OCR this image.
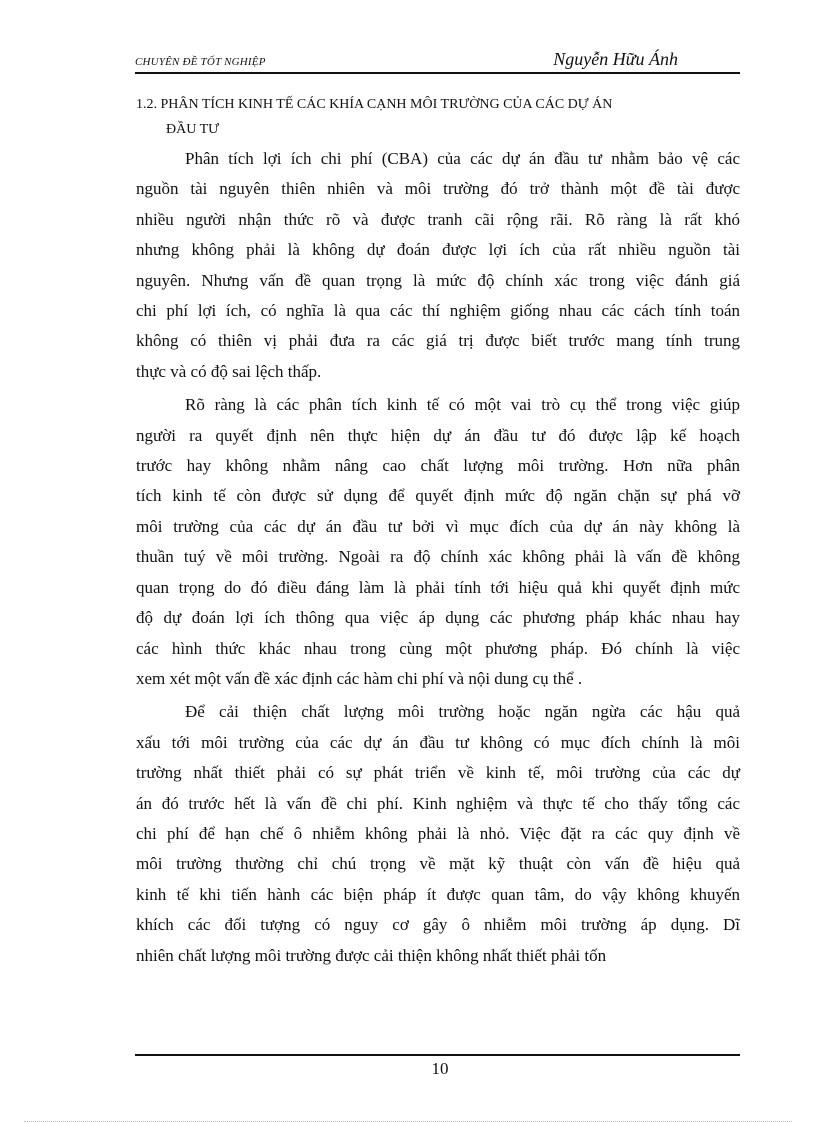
CHUYÊN ĐỀ TỐT NGHIỆP	Nguyễn Hữu Ánh
1.2. PHÂN TÍCH KINH TẾ CÁC KHÍA CẠNH MÔI TRƯỜNG CỦA CÁC DỰ ÁN
ĐẦU TƯ

Phân tích lợi ích chi phí (CBA) của các dự án đầu tư nhằm bảo vệ các
nguồn tài nguyên thiên nhiên và môi trường đó trở thành một đề tài được
nhiều người nhận thức rõ và được tranh cãi rộng rãi. Rõ ràng là rất khó
nhưng không phải là không dự đoán được lợi ích của rất nhiều nguồn tài
nguyên. Nhưng vấn đề quan trọng là mức độ chính xác trong việc đánh giá
chi phí lợi ích, có nghĩa là qua các thí nghiệm giống nhau các cách tính toán
không có thiên vị phải đưa ra các giá trị được biết trước mang tính trung
thực và có độ sai lệch thấp.

Rõ ràng là các phân tích kinh tế có một vai trò cụ thể trong việc giúp
người ra quyết định nên thực hiện dự án đầu tư đó được lập kế hoạch
trước hay không nhằm nâng cao chất lượng môi trường. Hơn nữa phân
tích kinh tế còn được sử dụng để quyết định mức độ ngăn chặn sự phá vỡ
môi trường của các dự án đầu tư bởi vì mục đích của dự án này không là
thuần tuý về môi trường. Ngoài ra độ chính xác không phải là vấn đề không
quan trọng do đó điều đáng làm là phải tính tới hiệu quả khi quyết định mức
độ dự đoán lợi ích thông qua việc áp dụng các phương pháp khác nhau hay
các hình thức khác nhau trong cùng một phương pháp. Đó chính là việc
xem xét một vấn đề xác định các hàm chi phí và nội dung cụ thể .

Để cải thiện chất lượng môi trường hoặc ngăn ngừa các hậu quả
xấu tới môi trường của các dự án đầu tư không có mục đích chính là môi
trường nhất thiết phải có sự phát triển về kinh tế, môi trường của các dự
án đó trước hết là vấn đề chi phí. Kinh nghiệm và thực tế cho thấy tổng các
chi phí để hạn chế ô nhiễm không phải là nhỏ. Việc đặt ra các quy định về
môi trường thường chỉ chú trọng về mặt kỹ thuật còn vấn đề hiệu quả
kinh tế khi tiến hành các biện pháp ít được quan tâm, do vậy không khuyến
khích các đối tượng có nguy cơ gây ô nhiễm môi trường áp dụng. Dĩ
nhiên chất lượng môi trường được cải thiện không nhất thiết phải tốn

10
